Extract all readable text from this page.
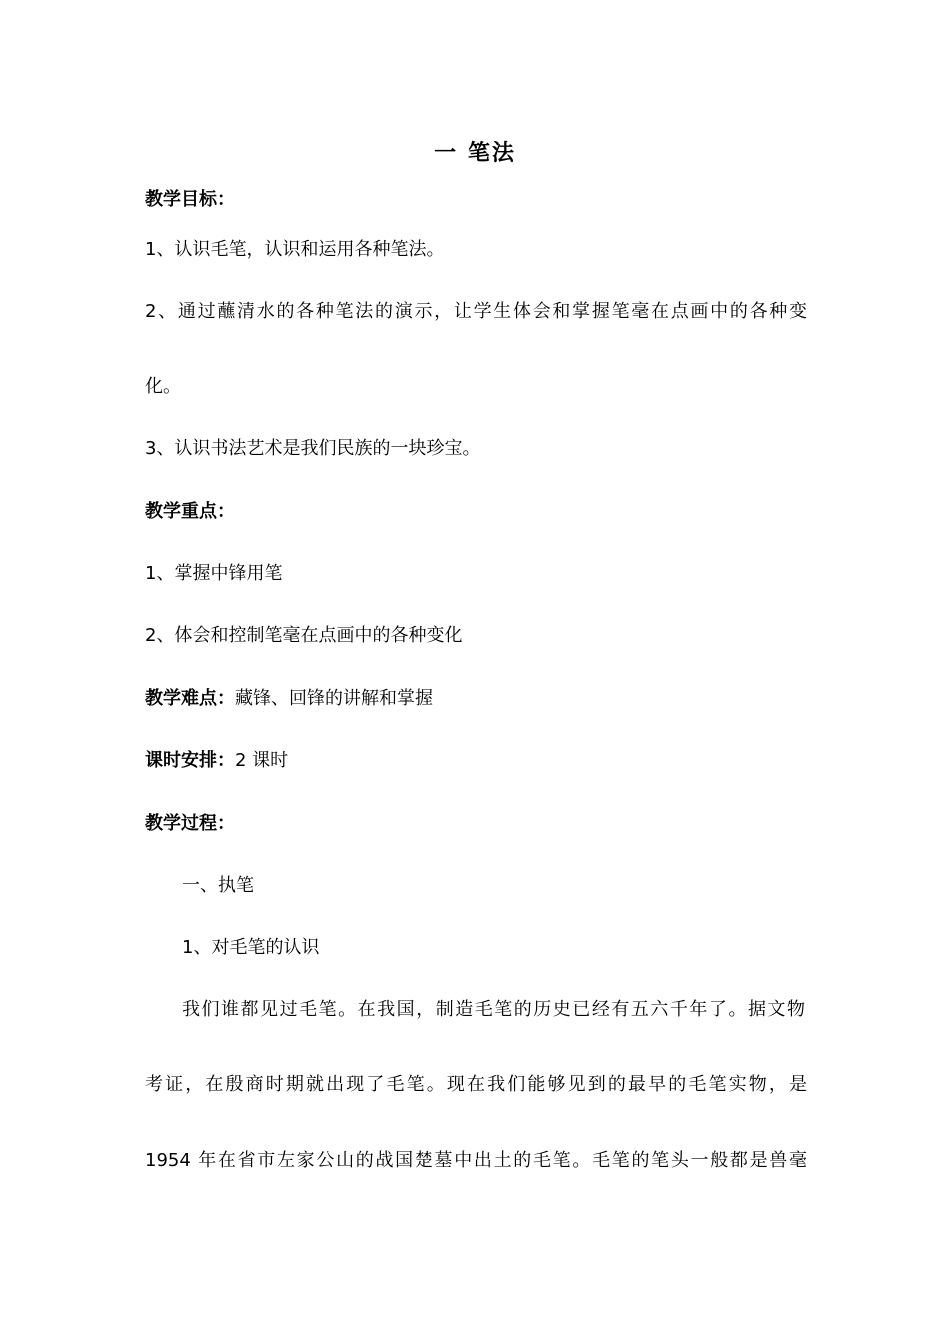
一 笔法
教学目标：
1、认识毛笔，认识和运用各种笔法。
2、通过蘸清水的各种笔法的演示，让学生体会和掌握笔毫在点画中的各种变
化。
3、认识书法艺术是我们民族的一块珍宝。
教学重点：
1、掌握中锋用笔
2、体会和控制笔毫在点画中的各种变化
教学难点：藏锋、回锋的讲解和掌握
课时安排：2 课时
教学过程：
一、执笔
1、对毛笔的认识
我们谁都见过毛笔。在我国，制造毛笔的历史已经有五六千年了。据文物
考证，在殷商时期就出现了毛笔。现在我们能够见到的最早的毛笔实物，是
1954 年在省市左家公山的战国楚墓中出土的毛笔。毛笔的笔头一般都是兽毫
